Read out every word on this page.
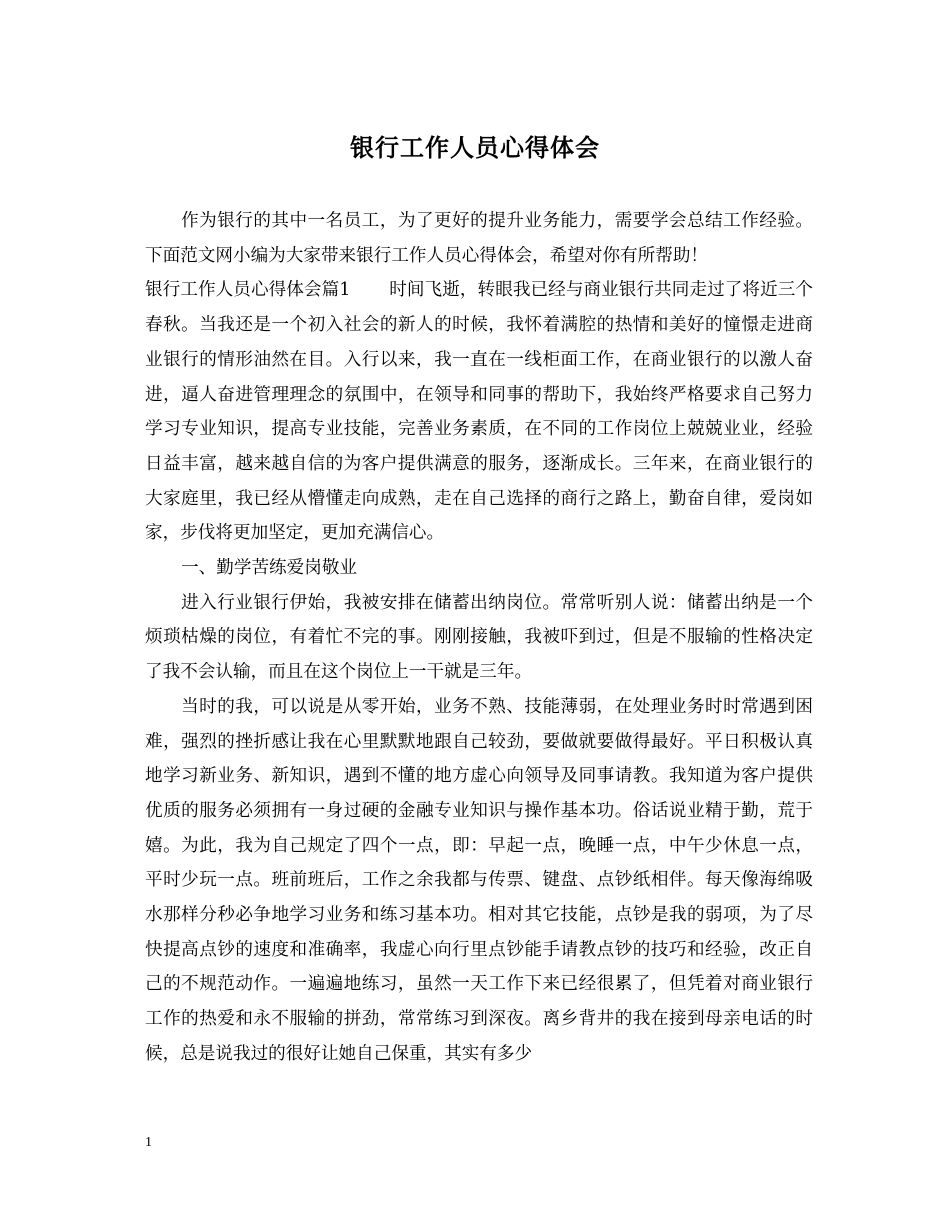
银行工作人员心得体会

作为银行的其中一名员工，为了更好的提升业务能力，需要学会总结工作经验。下面范文网小编为大家带来银行工作人员心得体会，希望对你有所帮助！

银行工作人员心得体会篇1 时间飞逝，转眼我已经与商业银行共同走过了将近三个春秋。当我还是一个初入社会的新人的时候，我怀着满腔的热情和美好的憧憬走进商业银行的情形油然在目。入行以来，我一直在一线柜面工作，在商业银行的以激人奋进，逼人奋进管理理念的氛围中，在领导和同事的帮助下，我始终严格要求自己努力学习专业知识，提高专业技能，完善业务素质，在不同的工作岗位上兢兢业业，经验日益丰富，越来越自信的为客户提供满意的服务，逐渐成长。三年来，在商业银行的大家庭里，我已经从懵懂走向成熟，走在自己选择的商行之路上，勤奋自律，爱岗如家，步伐将更加坚定，更加充满信心。

一、勤学苦练爱岗敬业

进入行业银行伊始，我被安排在储蓄出纳岗位。常常听别人说：储蓄出纳是一个烦琐枯燥的岗位，有着忙不完的事。刚刚接触，我被吓到过，但是不服输的性格决定了我不会认输，而且在这个岗位上一干就是三年。

当时的我，可以说是从零开始，业务不熟、技能薄弱，在处理业务时时常遇到困难，强烈的挫折感让我在心里默默地跟自己较劲，要做就要做得最好。平日积极认真地学习新业务、新知识，遇到不懂的地方虚心向领导及同事请教。我知道为客户提供优质的服务必须拥有一身过硬的金融专业知识与操作基本功。俗话说业精于勤，荒于嬉。为此，我为自己规定了四个一点，即：早起一点，晚睡一点，中午少休息一点，平时少玩一点。班前班后，工作之余我都与传票、键盘、点钞纸相伴。每天像海绵吸水那样分秒必争地学习业务和练习基本功。相对其它技能，点钞是我的弱项，为了尽快提高点钞的速度和准确率，我虚心向行里点钞能手请教点钞的技巧和经验，改正自己的不规范动作。一遍遍地练习，虽然一天工作下来已经很累了，但凭着对商业银行工作的热爱和永不服输的拼劲，常常练习到深夜。离乡背井的我在接到母亲电话的时候，总是说我过的很好让她自己保重，其实有多少

1
